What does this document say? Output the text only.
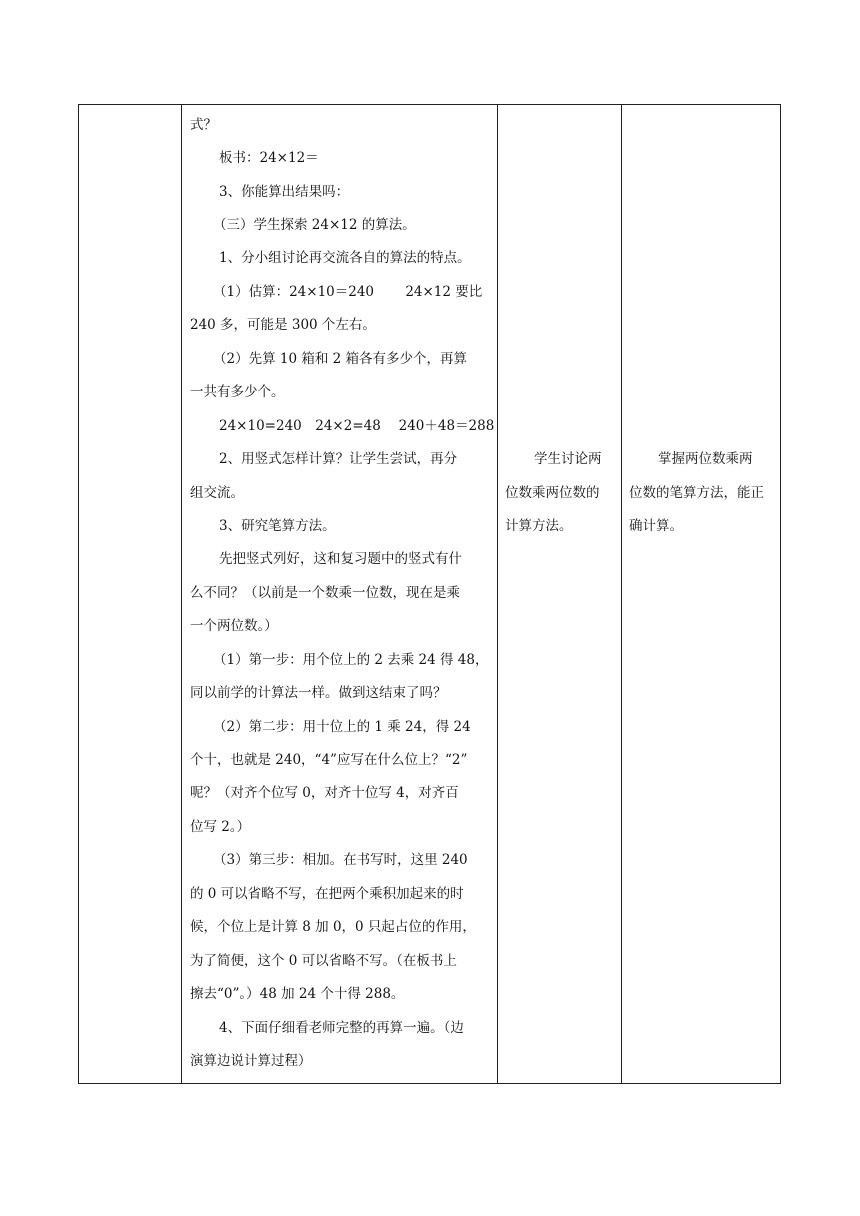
式？
板书：24×12＝
3、你能算出结果吗：
（三）学生探索 24×12 的算法。
1、分小组讨论再交流各自的算法的特点。
（1）估算：24×10＝240　　 24×12 要比
240 多，可能是 300 个左右。
（2）先算 10 箱和 2 箱各有多少个，再算
一共有多少个。
24×10=240　24×2=48　 240＋48＝288
2、用竖式怎样计算？让学生尝试，再分
组交流。
3、研究笔算方法。
先把竖式列好，这和复习题中的竖式有什
么不同？（以前是一个数乘一位数，现在是乘
一个两位数。）
（1）第一步：用个位上的 2 去乘 24 得 48，
同以前学的计算法一样。做到这结束了吗？
（2）第二步：用十位上的 1 乘 24，得 24
个十，也就是 240，“4”应写在什么位上？“2”
呢？（对齐个位写 0，对齐十位写 4，对齐百
位写 2。）
（3）第三步：相加。在书写时，这里 240
的 0 可以省略不写，在把两个乘积加起来的时
候，个位上是计算 8 加 0，0 只起占位的作用，
为了简便，这个 0 可以省略不写。（在板书上
擦去“0”。）48 加 24 个十得 288。
4、下面仔细看老师完整的再算一遍。（边
演算边说计算过程）
学生讨论两
位数乘两位数的
计算方法。
掌握两位数乘两
位数的笔算方法，能正
确计算。
